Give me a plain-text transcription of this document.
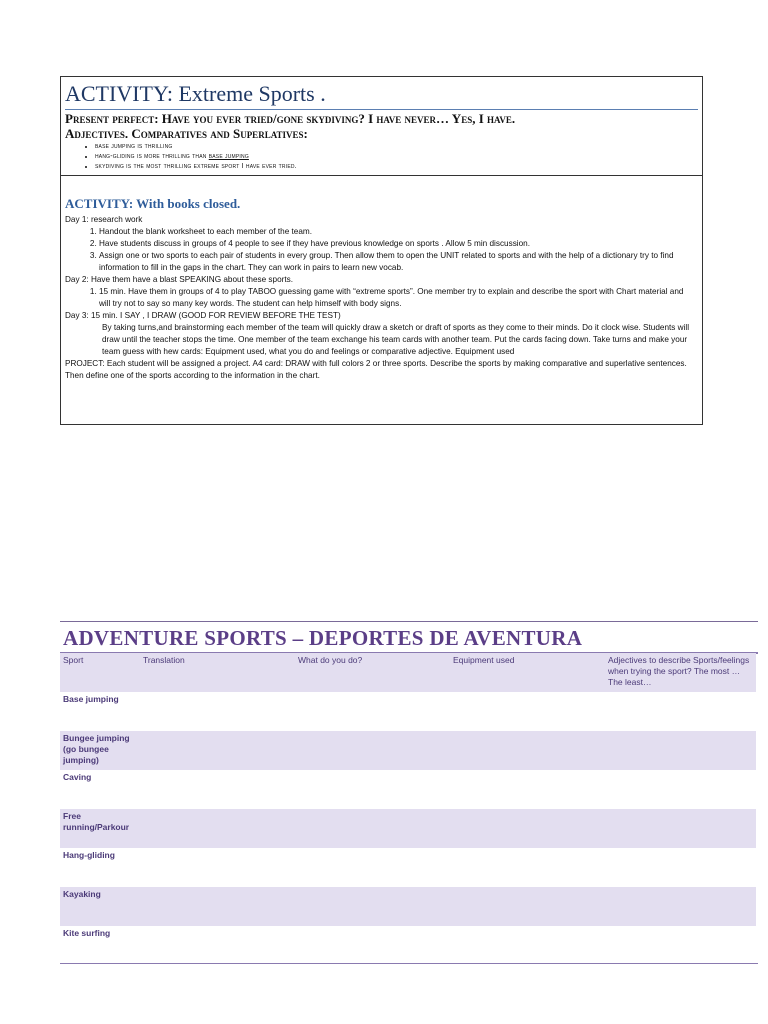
ACTIVITY: Extreme Sports .
Present perfect: Have you ever tried/gone skydiving? I have never… Yes, I have.
Adjectives. Comparatives and Superlatives:
• base jumping is thrilling
• hang-gliding is more thrilling than base jumping
• skydiving is the most thrilling extreme sport I have ever tried.
ACTIVITY: With books closed.

Day 1: research work

1. Handout the blank worksheet to each member of the team.
2. Have students discuss in groups of 4 people to see if they have previous knowledge on sports . Allow 5 min discussion.
3. Assign one or two sports to each pair of students in every group. Then allow them to open the UNIT related to sports and with the help of a dictionary try to find information to fill in the gaps in the chart. They can work in pairs to learn new vocab.

Day 2: Have them have a blast SPEAKING about these sports.

1. 15 min. Have them in groups of 4 to play TABOO guessing game with “extreme sports”. One member try to explain and describe the sport with Chart material and will try not to say so many key words. The student can help himself with body signs.

Day 3: 15 min. I SAY , I DRAW (GOOD FOR REVIEW BEFORE THE TEST)

By taking turns,and brainstorming each member of the team will quickly draw a sketch or draft of sports as they come to their minds. Do it clock wise. Students will draw until the teacher stops the time. One member of the team exchange his team cards with another team. Put the cards facing down. Take turns and make your team guess with hew cards: Equipment used, what you do and feelings or comparative adjective. Equipment used

PROJECT: Each student will be assigned a project. A4 card: DRAW with full colors 2 or three sports. Describe the sports by making comparative and superlative sentences. Then define one of the sports according to the information in the chart.

ADVENTURE SPORTS – DEPORTES DE AVENTURA
Sport	Translation	What do you do?	Equipment used	Adjectives to describe Sports/feelings when trying the sport? The most … The least…
Base jumping				
Bungee jumping (go bungee jumping)				
Caving				
Free running/Parkour				
Hang-gliding				
Kayaking				
Kite surfing				
